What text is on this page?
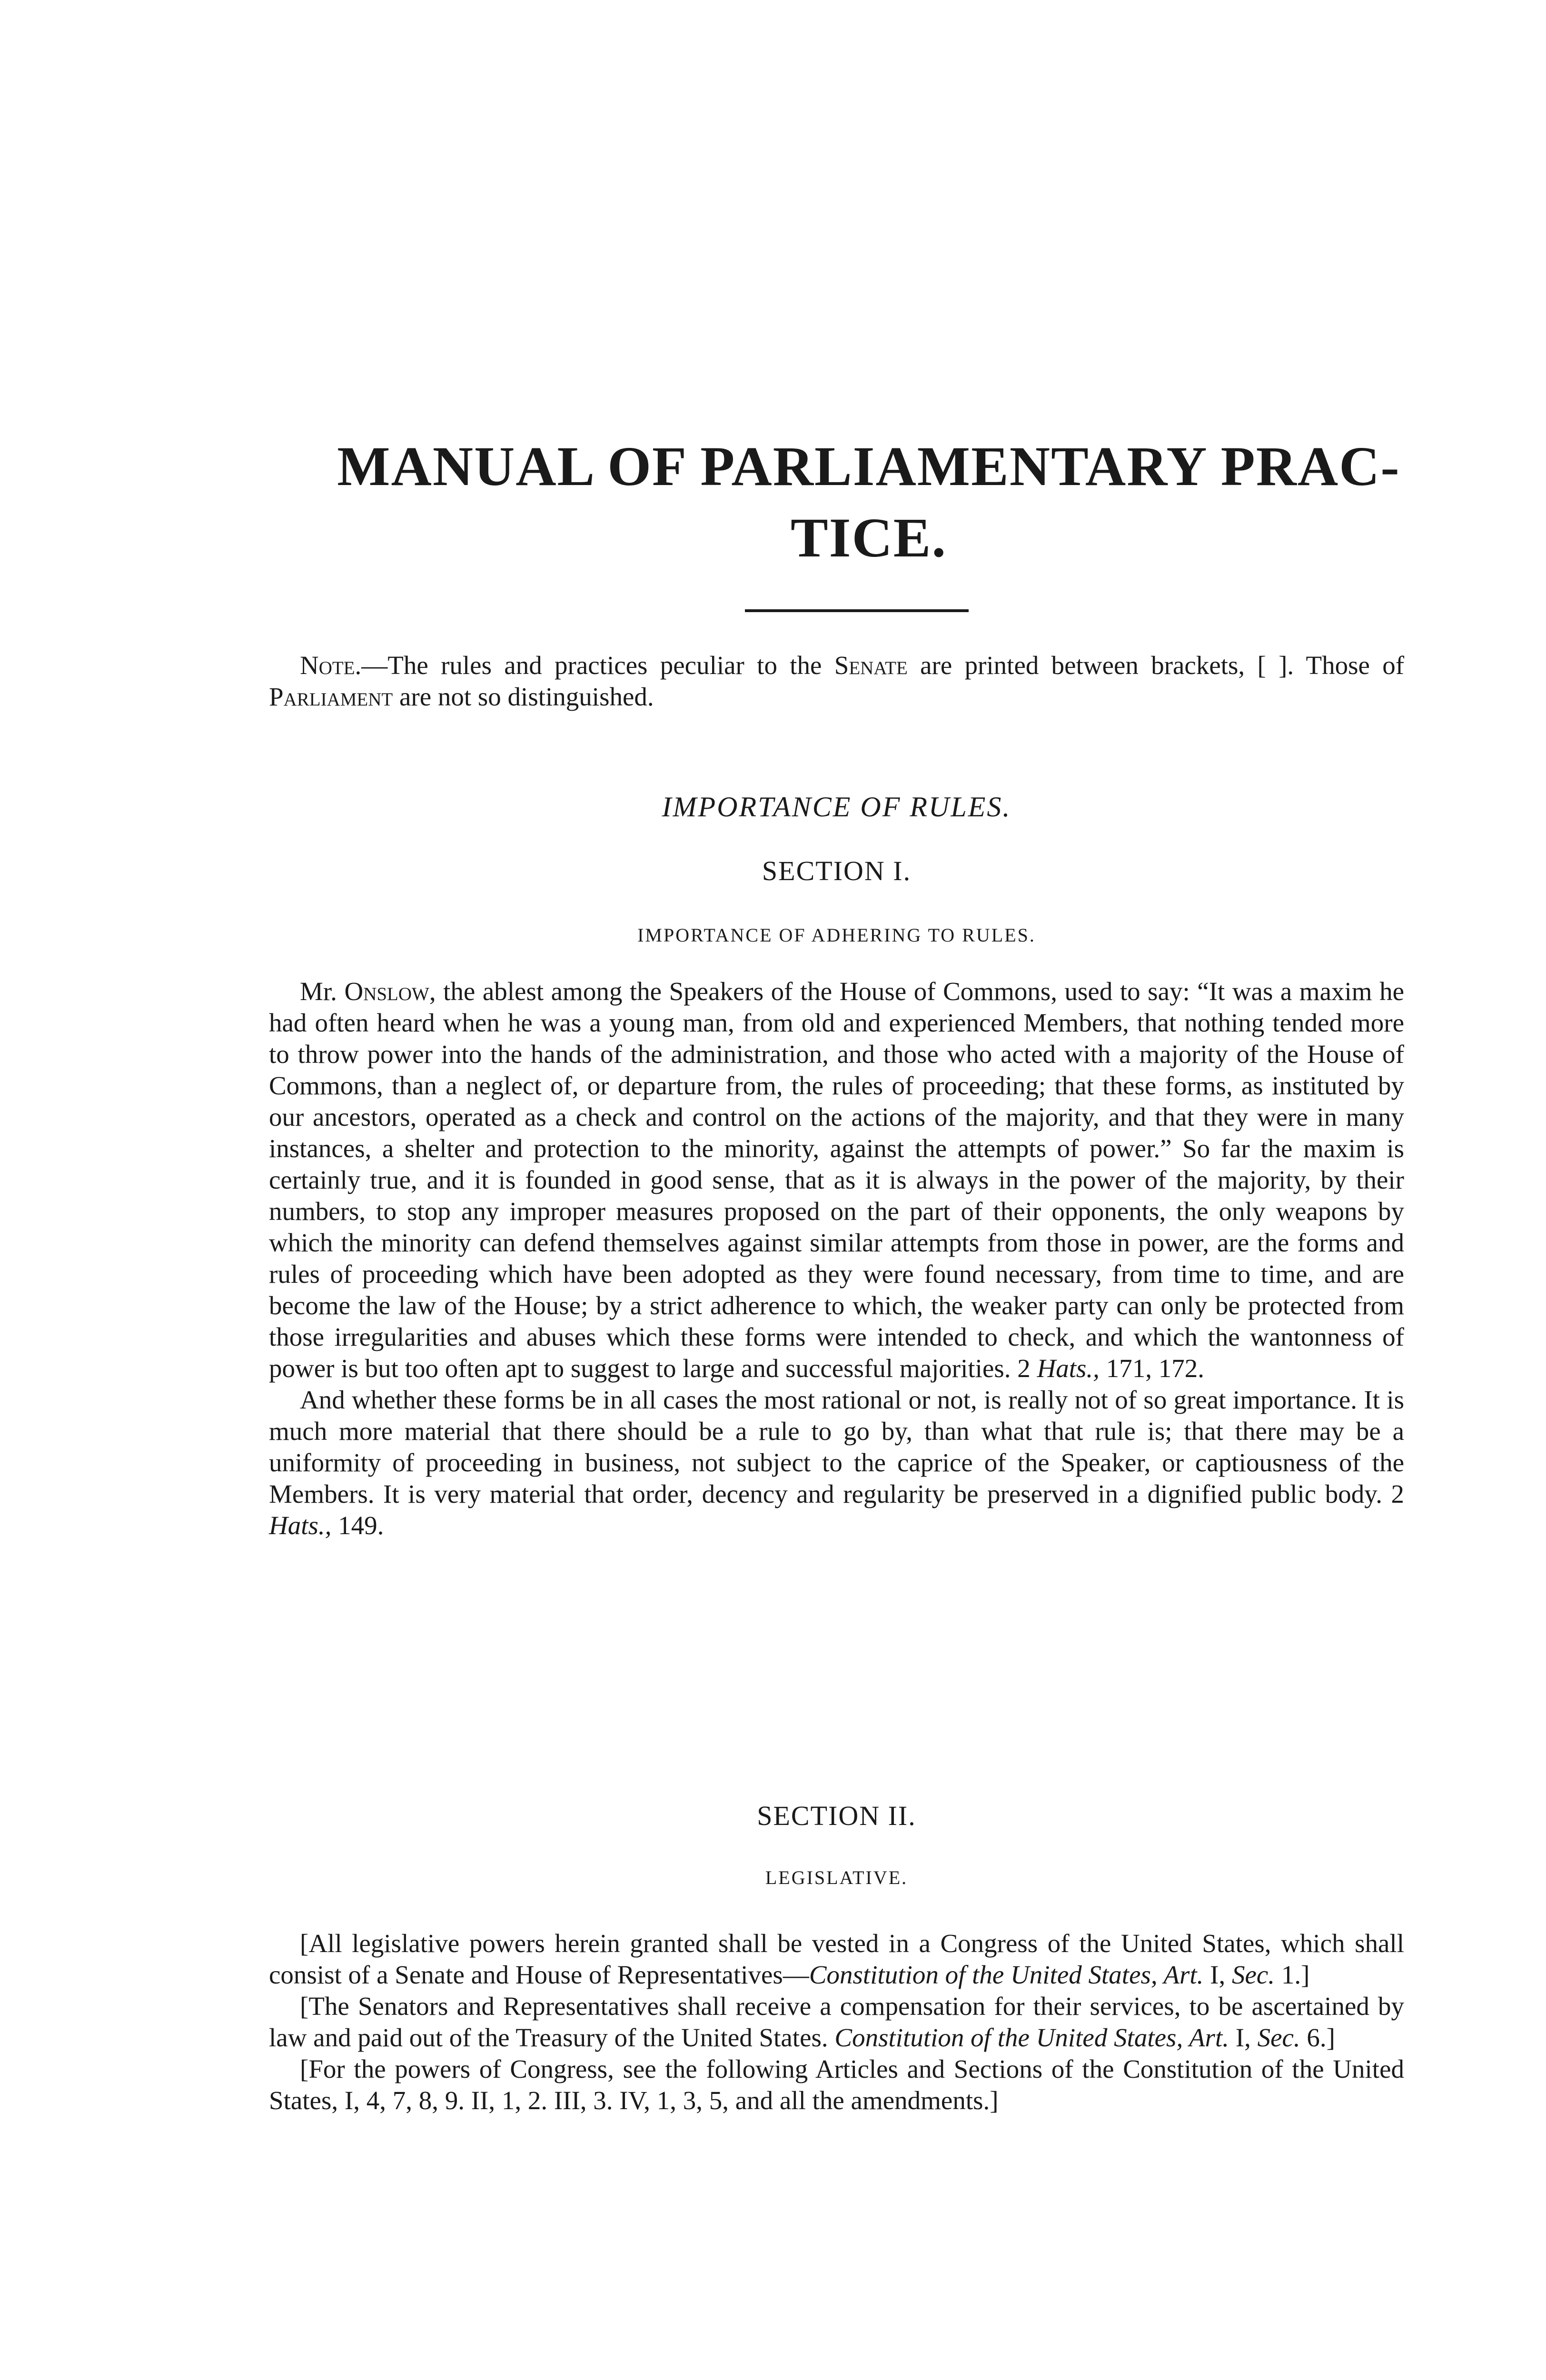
MANUAL OF PARLIAMENTARY PRAC-
TICE.

Note.—The rules and practices peculiar to the Senate are printed between brackets, [ ]. Those of Parliament are not so distinguished.

IMPORTANCE OF RULES.
SECTION I.
IMPORTANCE OF ADHERING TO RULES.

Mr. Onslow, the ablest among the Speakers of the House of Commons, used to say: “It was a maxim he had often heard when he was a young man, from old and experienced Members, that nothing tended more to throw power into the hands of the administration, and those who acted with a majority of the House of Commons, than a neglect of, or departure from, the rules of proceeding; that these forms, as instituted by our ancestors, operated as a check and control on the actions of the majority, and that they were in many instances, a shelter and protection to the minority, against the attempts of power.” So far the maxim is certainly true, and it is founded in good sense, that as it is always in the power of the majority, by their numbers, to stop any improper measures proposed on the part of their opponents, the only weapons by which the minority can defend themselves against similar attempts from those in power, are the forms and rules of proceeding which have been adopted as they were found necessary, from time to time, and are become the law of the House; by a strict adherence to which, the weaker party can only be protected from those irregularities and abuses which these forms were intended to check, and which the wantonness of power is but too often apt to suggest to large and successful majorities. 2 Hats., 171, 172.

And whether these forms be in all cases the most rational or not, is really not of so great importance. It is much more material that there should be a rule to go by, than what that rule is; that there may be a uniformity of proceeding in business, not subject to the caprice of the Speaker, or captiousness of the Members. It is very material that order, decency and regularity be preserved in a dignified public body. 2 Hats., 149.

SECTION II.
LEGISLATIVE.

[All legislative powers herein granted shall be vested in a Congress of the United States, which shall consist of a Senate and House of Representatives—Constitution of the United States, Art. I, Sec. 1.]

[The Senators and Representatives shall receive a compensation for their services, to be ascertained by law and paid out of the Treasury of the United States. Constitution of the United States, Art. I, Sec. 6.]

[For the powers of Congress, see the following Articles and Sections of the Constitution of the United States, I, 4, 7, 8, 9. II, 1, 2. III, 3. IV, 1, 3, 5, and all the amendments.]
